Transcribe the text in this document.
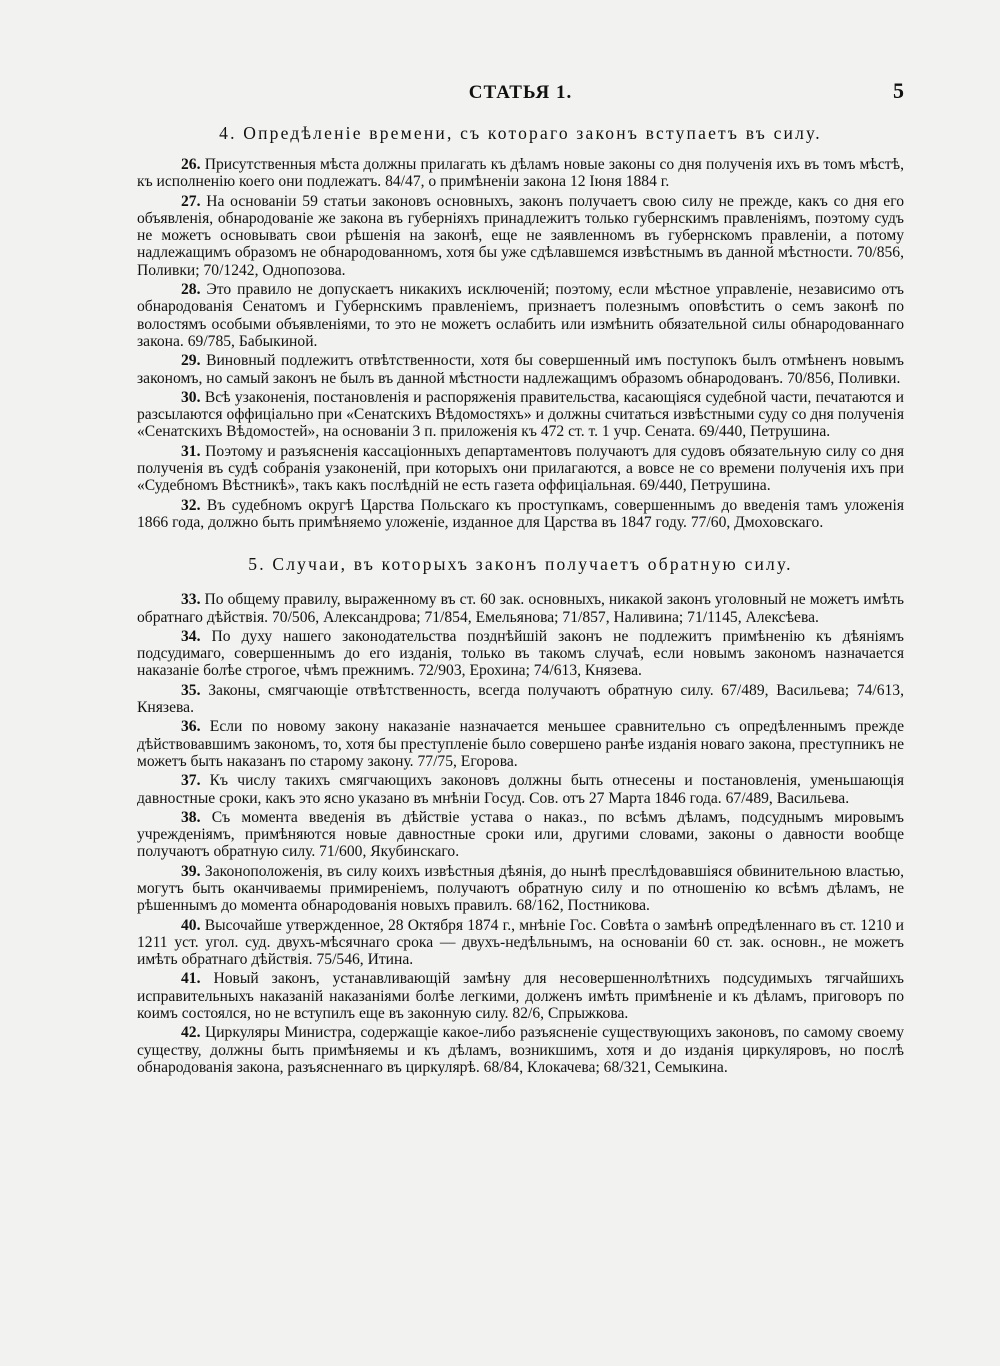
СТАТЬЯ 1.	5
4. Опредѣленіе времени, съ котораго законъ вступаетъ въ силу.

26. Присутственныя мѣста должны прилагать къ дѣламъ новые законы со дня полученія ихъ въ томъ мѣстѣ, къ исполненію коего они подлежатъ. 84/47, о примѣненіи закона 12 Іюня 1884 г.

27. На основаніи 59 статьи законовъ основныхъ, законъ получаетъ свою силу не прежде, какъ со дня его объявленія, обнародованіе же закона въ губерніяхъ принадлежитъ только губернскимъ правленіямъ, поэтому судъ не можетъ основывать свои рѣшенія на законѣ, еще не заявленномъ въ губернскомъ правленіи, а потому надлежащимъ образомъ не обнародованномъ, хотя бы уже сдѣлавшемся извѣстнымъ въ данной мѣстности. 70/856, Поливки; 70/1242, Однопозова.

28. Это правило не допускаетъ никакихъ исключеній; поэтому, если мѣстное управленіе, независимо отъ обнародованія Сенатомъ и Губернскимъ правленіемъ, признаетъ полезнымъ оповѣстить о семъ законѣ по волостямъ особыми объявленіями, то это не можетъ ослабить или измѣнить обязательной силы обнародованнаго закона. 69/785, Бабыкиной.

29. Виновный подлежитъ отвѣтственности, хотя бы совершенный имъ поступокъ былъ отмѣненъ новымъ закономъ, но самый законъ не былъ въ данной мѣстности надлежащимъ образомъ обнародованъ. 70/856, Поливки.

30. Всѣ узаконенія, постановленія и распоряженія правительства, касающіяся судебной части, печатаются и разсылаются оффиціально при «Сенатскихъ Вѣдомостяхъ» и должны считаться извѣстными суду со дня полученія «Сенатскихъ Вѣдомостей», на основаніи 3 п. приложенія къ 472 ст. т. 1 учр. Сената. 69/440, Петрушина.

31. Поэтому и разъясненія кассаціонныхъ департаментовъ получаютъ для судовъ обязательную силу со дня полученія въ судѣ собранія узаконеній, при которыхъ они прилагаются, а вовсе не со времени полученія ихъ при «Судебномъ Вѣстникѣ», такъ какъ послѣдній не есть газета оффиціальная. 69/440, Петрушина.

32. Въ судебномъ округѣ Царства Польскаго къ проступкамъ, совершеннымъ до введенія тамъ уложенія 1866 года, должно быть примѣняемо уложеніе, изданное для Царства въ 1847 году. 77/60, Дмоховскаго.

5. Случаи, въ которыхъ законъ получаетъ обратную силу.

33. По общему правилу, выраженному въ ст. 60 зак. основныхъ, никакой законъ уголовный не можетъ имѣть обратнаго дѣйствія. 70/506, Александрова; 71/854, Емельянова; 71/857, Наливина; 71/1145, Алексѣева.

34. По духу нашего законодательства позднѣйшій законъ не подлежитъ примѣненію къ дѣяніямъ подсудимаго, совершеннымъ до его изданія, только въ такомъ случаѣ, если новымъ закономъ назначается наказаніе болѣе строгое, чѣмъ прежнимъ. 72/903, Ерохина; 74/613, Князева.

35. Законы, смягчающіе отвѣтственность, всегда получаютъ обратную силу. 67/489, Васильева; 74/613, Князева.

36. Если по новому закону наказаніе назначается меньшее сравнительно съ опредѣленнымъ прежде дѣйствовавшимъ закономъ, то, хотя бы преступленіе было совершено ранѣе изданія новаго закона, преступникъ не можетъ быть наказанъ по старому закону. 77/75, Егорова.

37. Къ числу такихъ смягчающихъ законовъ должны быть отнесены и постановленія, уменьшающія давностные сроки, какъ это ясно указано въ мнѣніи Госуд. Сов. отъ 27 Марта 1846 года. 67/489, Васильева.

38. Съ момента введенія въ дѣйствіе устава о наказ., по всѣмъ дѣламъ, подсуднымъ мировымъ учрежденіямъ, примѣняются новые давностные сроки или, другими словами, законы о давности вообще получаютъ обратную силу. 71/600, Якубинскаго.

39. Законоположенія, въ силу коихъ извѣстныя дѣянія, до нынѣ преслѣдовавшіяся обвинительною властью, могутъ быть оканчиваемы примиреніемъ, получаютъ обратную силу и по отношенію ко всѣмъ дѣламъ, не рѣшеннымъ до момента обнародованія новыхъ правилъ. 68/162, Постникова.

40. Высочайше утвержденное, 28 Октября 1874 г., мнѣніе Гос. Совѣта о замѣнѣ опредѣленнаго въ ст. 1210 и 1211 уст. угол. суд. двухъ-мѣсячнаго срока — двухъ-недѣльнымъ, на основаніи 60 ст. зак. основн., не можетъ имѣть обратнаго дѣйствія. 75/546, Итина.

41. Новый законъ, устанавливающій замѣну для несовершеннолѣтнихъ подсудимыхъ тягчайшихъ исправительныхъ наказаній наказаніями болѣе легкими, долженъ имѣть примѣненіе и къ дѣламъ, приговоръ по коимъ состоялся, но не вступилъ еще въ законную силу. 82/6, Спрыжкова.

42. Циркуляры Министра, содержащіе какое-либо разъясненіе существующихъ законовъ, по самому своему существу, должны быть примѣняемы и къ дѣламъ, возникшимъ, хотя и до изданія циркуляровъ, но послѣ обнародованія закона, разъясненнаго въ циркулярѣ. 68/84, Клокачева; 68/321, Семыкина.
